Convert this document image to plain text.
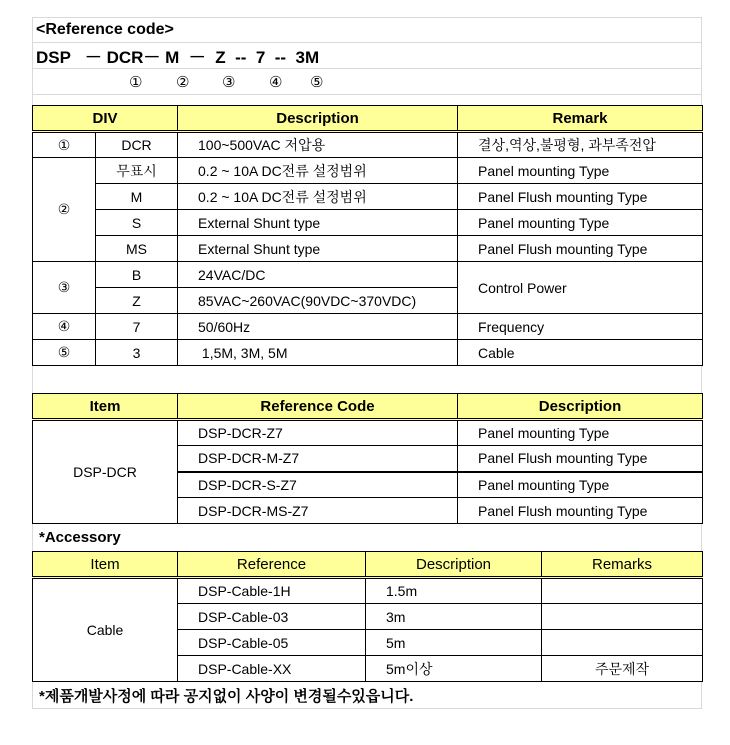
<Reference code>
DSP － DCR－ M － Z -- 7 -- 3M
① ② ③ ④ ⑤
DIV		Description	Remark
①	DCR	100~500VAC 저압용	결상,역상,불평형, 과부족전압
②	무표시	0.2 ~ 10A DC전류 설정범위	Panel mounting Type
	M	0.2 ~ 10A DC전류 설정범위	Panel Flush mounting Type
	S	External Shunt type	Panel mounting Type
	MS	External Shunt type	Panel Flush mounting Type
③	B	24VAC/DC	Control Power
	Z	85VAC~260VAC(90VDC~370VDC)	
④	7	50/60Hz	Frequency
⑤	3	1,5M, 3M, 5M	Cable
Item	Reference Code	Description
DSP-DCR	DSP-DCR-Z7	Panel mounting Type
	DSP-DCR-M-Z7	Panel Flush mounting Type
	DSP-DCR-S-Z7	Panel mounting Type
	DSP-DCR-MS-Z7	Panel Flush mounting Type
*Accessory
Item	Reference	Description	Remarks
Cable	DSP-Cable-1H	1.5m	
	DSP-Cable-03	3m	
	DSP-Cable-05	5m	
	DSP-Cable-XX	5m이상	주문제작
*제품개발사정에 따라 공지없이 사양이 변경될수있읍니다.
